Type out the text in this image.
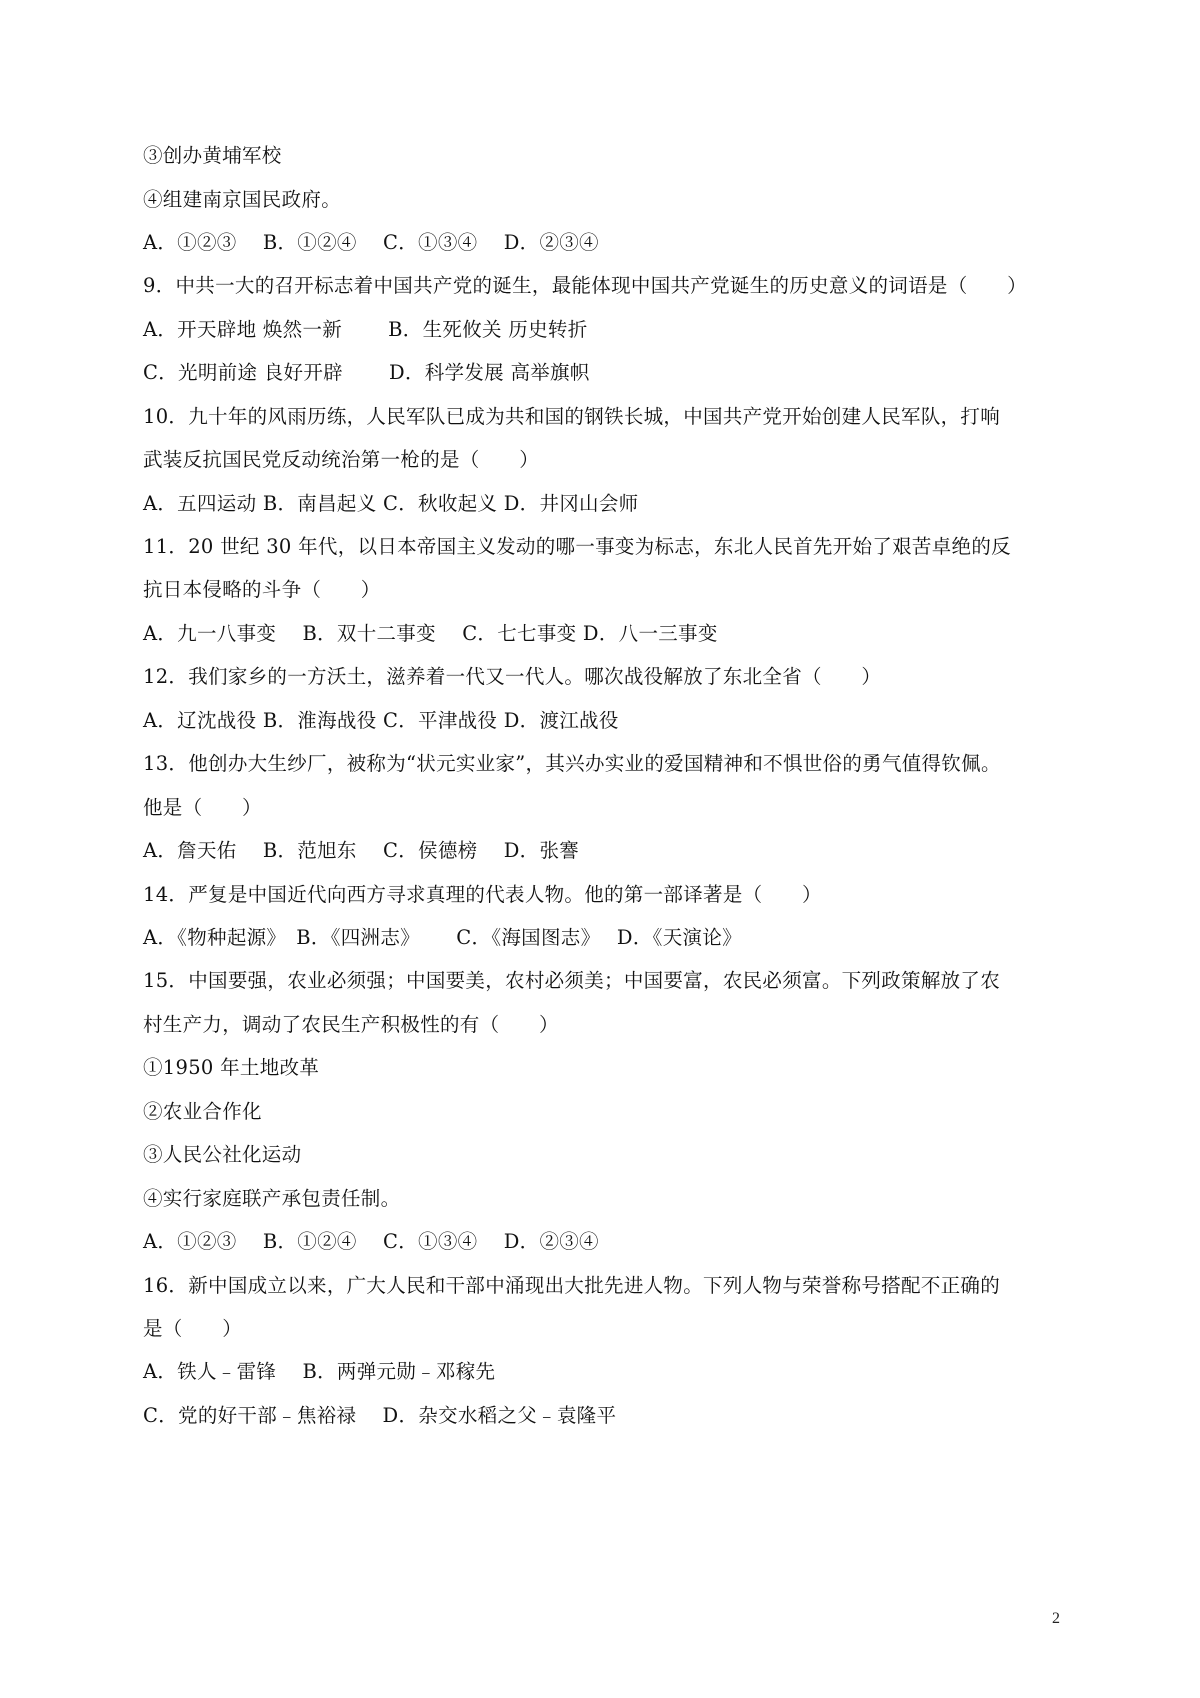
③创办黄埔军校
④组建南京国民政府。
A．①②③　 B．①②④　 C．①③④　 D．②③④
9．中共一大的召开标志着中国共产党的诞生，最能体现中国共产党诞生的历史意义的词语是（　　）
A．开天辟地 焕然一新　　 B．生死攸关 历史转折
C．光明前途 良好开辟　　 D．科学发展 高举旗帜
10．九十年的风雨历练，人民军队已成为共和国的钢铁长城，中国共产党开始创建人民军队，打响
武装反抗国民党反动统治第一枪的是（　　）
A．五四运动 B．南昌起义 C．秋收起义 D．井冈山会师
11．20 世纪 30 年代，以日本帝国主义发动的哪一事变为标志，东北人民首先开始了艰苦卓绝的反
抗日本侵略的斗争（　　）
A．九一八事变　 B．双十二事变　 C．七七事变 D．八一三事变
12．我们家乡的一方沃土，滋养着一代又一代人。哪次战役解放了东北全省（　　）
A．辽沈战役 B．淮海战役 C．平津战役 D．渡江战役
13．他创办大生纱厂，被称为“状元实业家”，其兴办实业的爱国精神和不惧世俗的勇气值得钦佩。
他是（　　）
A．詹天佑　 B．范旭东　 C．侯德榜　 D．张謇
14．严复是中国近代向西方寻求真理的代表人物。他的第一部译著是（　　）
A．《物种起源》　B．《四洲志》　　 C．《海国图志》　 D．《天演论》
15．中国要强，农业必须强；中国要美，农村必须美；中国要富，农民必须富。下列政策解放了农
村生产力，调动了农民生产积极性的有（　　）
①1950 年土地改革
②农业合作化
③人民公社化运动
④实行家庭联产承包责任制。
A．①②③　 B．①②④　 C．①③④　 D．②③④
16．新中国成立以来，广大人民和干部中涌现出大批先进人物。下列人物与荣誉称号搭配不正确的
是（　　）
A．铁人﹣雷锋　 B．两弹元勋﹣邓稼先
C．党的好干部﹣焦裕禄　 D．杂交水稻之父﹣袁隆平
2
